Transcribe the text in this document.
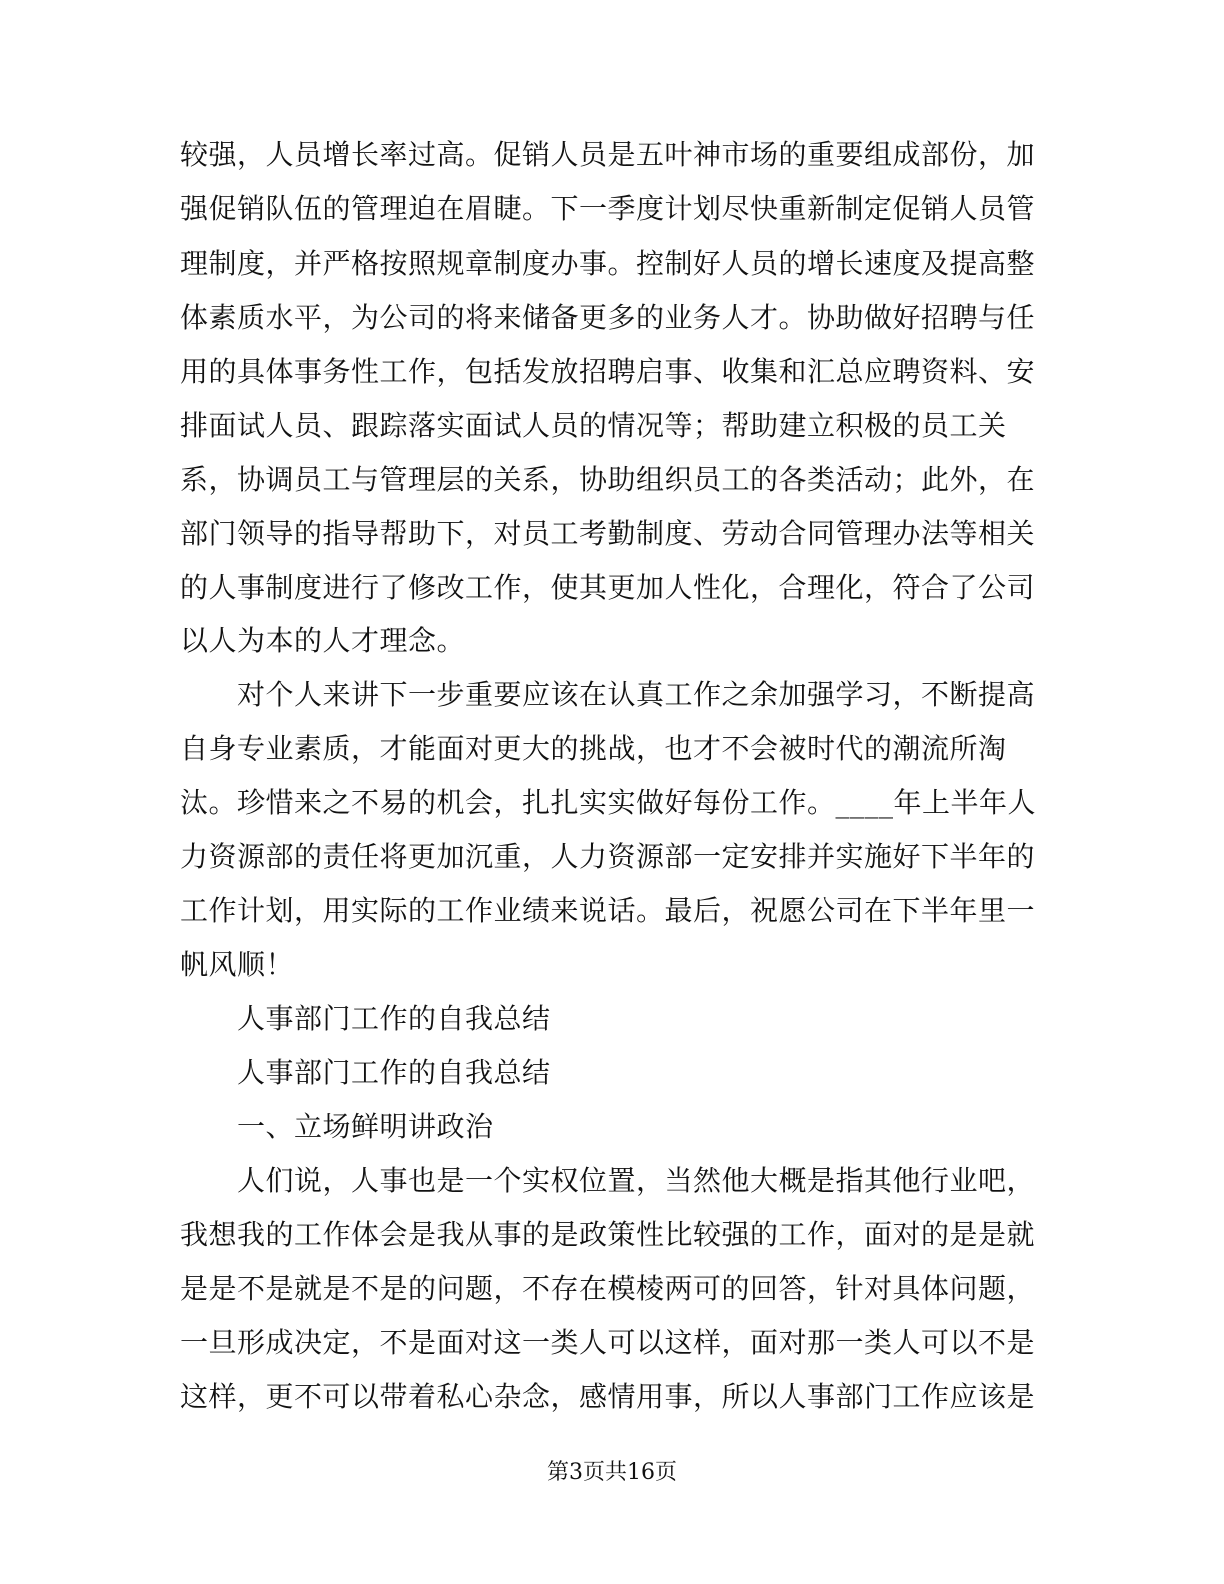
较强，人员增长率过高。促销人员是五叶神市场的重要组成部份，加
强促销队伍的管理迫在眉睫。下一季度计划尽快重新制定促销人员管
理制度，并严格按照规章制度办事。控制好人员的增长速度及提高整
体素质水平，为公司的将来储备更多的业务人才。协助做好招聘与任
用的具体事务性工作，包括发放招聘启事、收集和汇总应聘资料、安
排面试人员、跟踪落实面试人员的情况等；帮助建立积极的员工关
系，协调员工与管理层的关系，协助组织员工的各类活动；此外，在
部门领导的指导帮助下，对员工考勤制度、劳动合同管理办法等相关
的人事制度进行了修改工作，使其更加人性化，合理化，符合了公司
以人为本的人才理念。
　　对个人来讲下一步重要应该在认真工作之余加强学习，不断提高
自身专业素质，才能面对更大的挑战，也才不会被时代的潮流所淘
汰。珍惜来之不易的机会，扎扎实实做好每份工作。____年上半年人
力资源部的责任将更加沉重，人力资源部一定安排并实施好下半年的
工作计划，用实际的工作业绩来说话。最后，祝愿公司在下半年里一
帆风顺！
　　人事部门工作的自我总结
　　人事部门工作的自我总结
　　一、立场鲜明讲政治
　　人们说，人事也是一个实权位置，当然他大概是指其他行业吧，
我想我的工作体会是我从事的是政策性比较强的工作，面对的是是就
是是不是就是不是的问题，不存在模棱两可的回答，针对具体问题，
一旦形成决定，不是面对这一类人可以这样，面对那一类人可以不是
这样，更不可以带着私心杂念，感情用事，所以人事部门工作应该是
第3页共16页
